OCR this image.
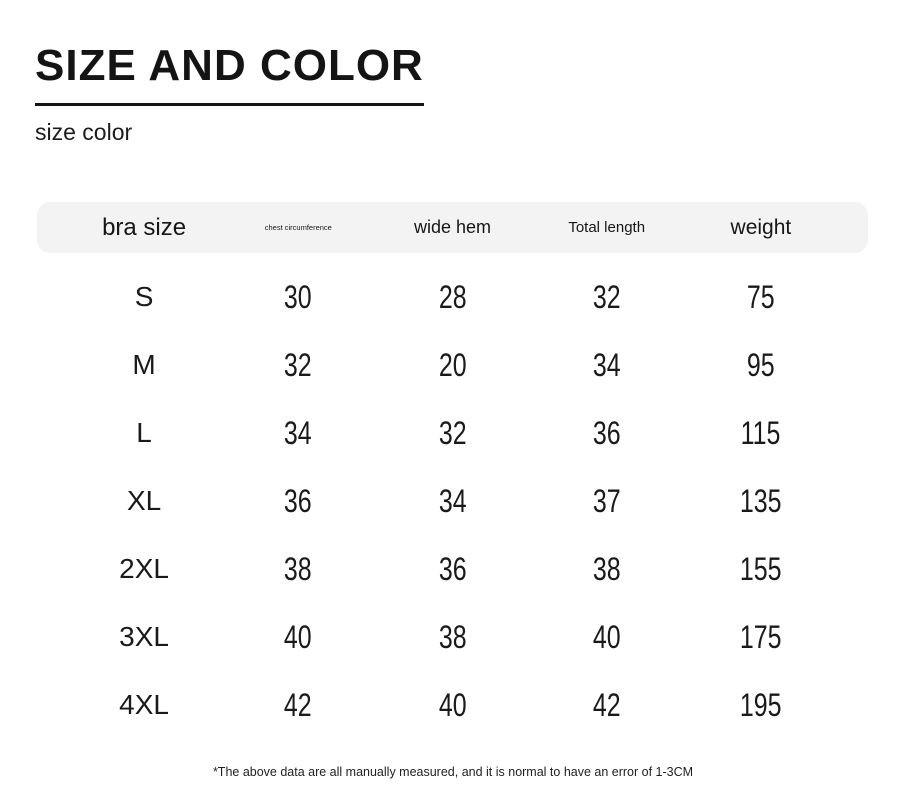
SIZE AND COLOR
size color
bra size	chest circumference	wide hem	Total length	weight
S	30	28	32	75
M	32	20	34	95
L	34	32	36	115
XL	36	34	37	135
2XL	38	36	38	155
3XL	40	38	40	175
4XL	42	40	42	195
*The above data are all manually measured, and it is normal to have an error of 1-3CM
